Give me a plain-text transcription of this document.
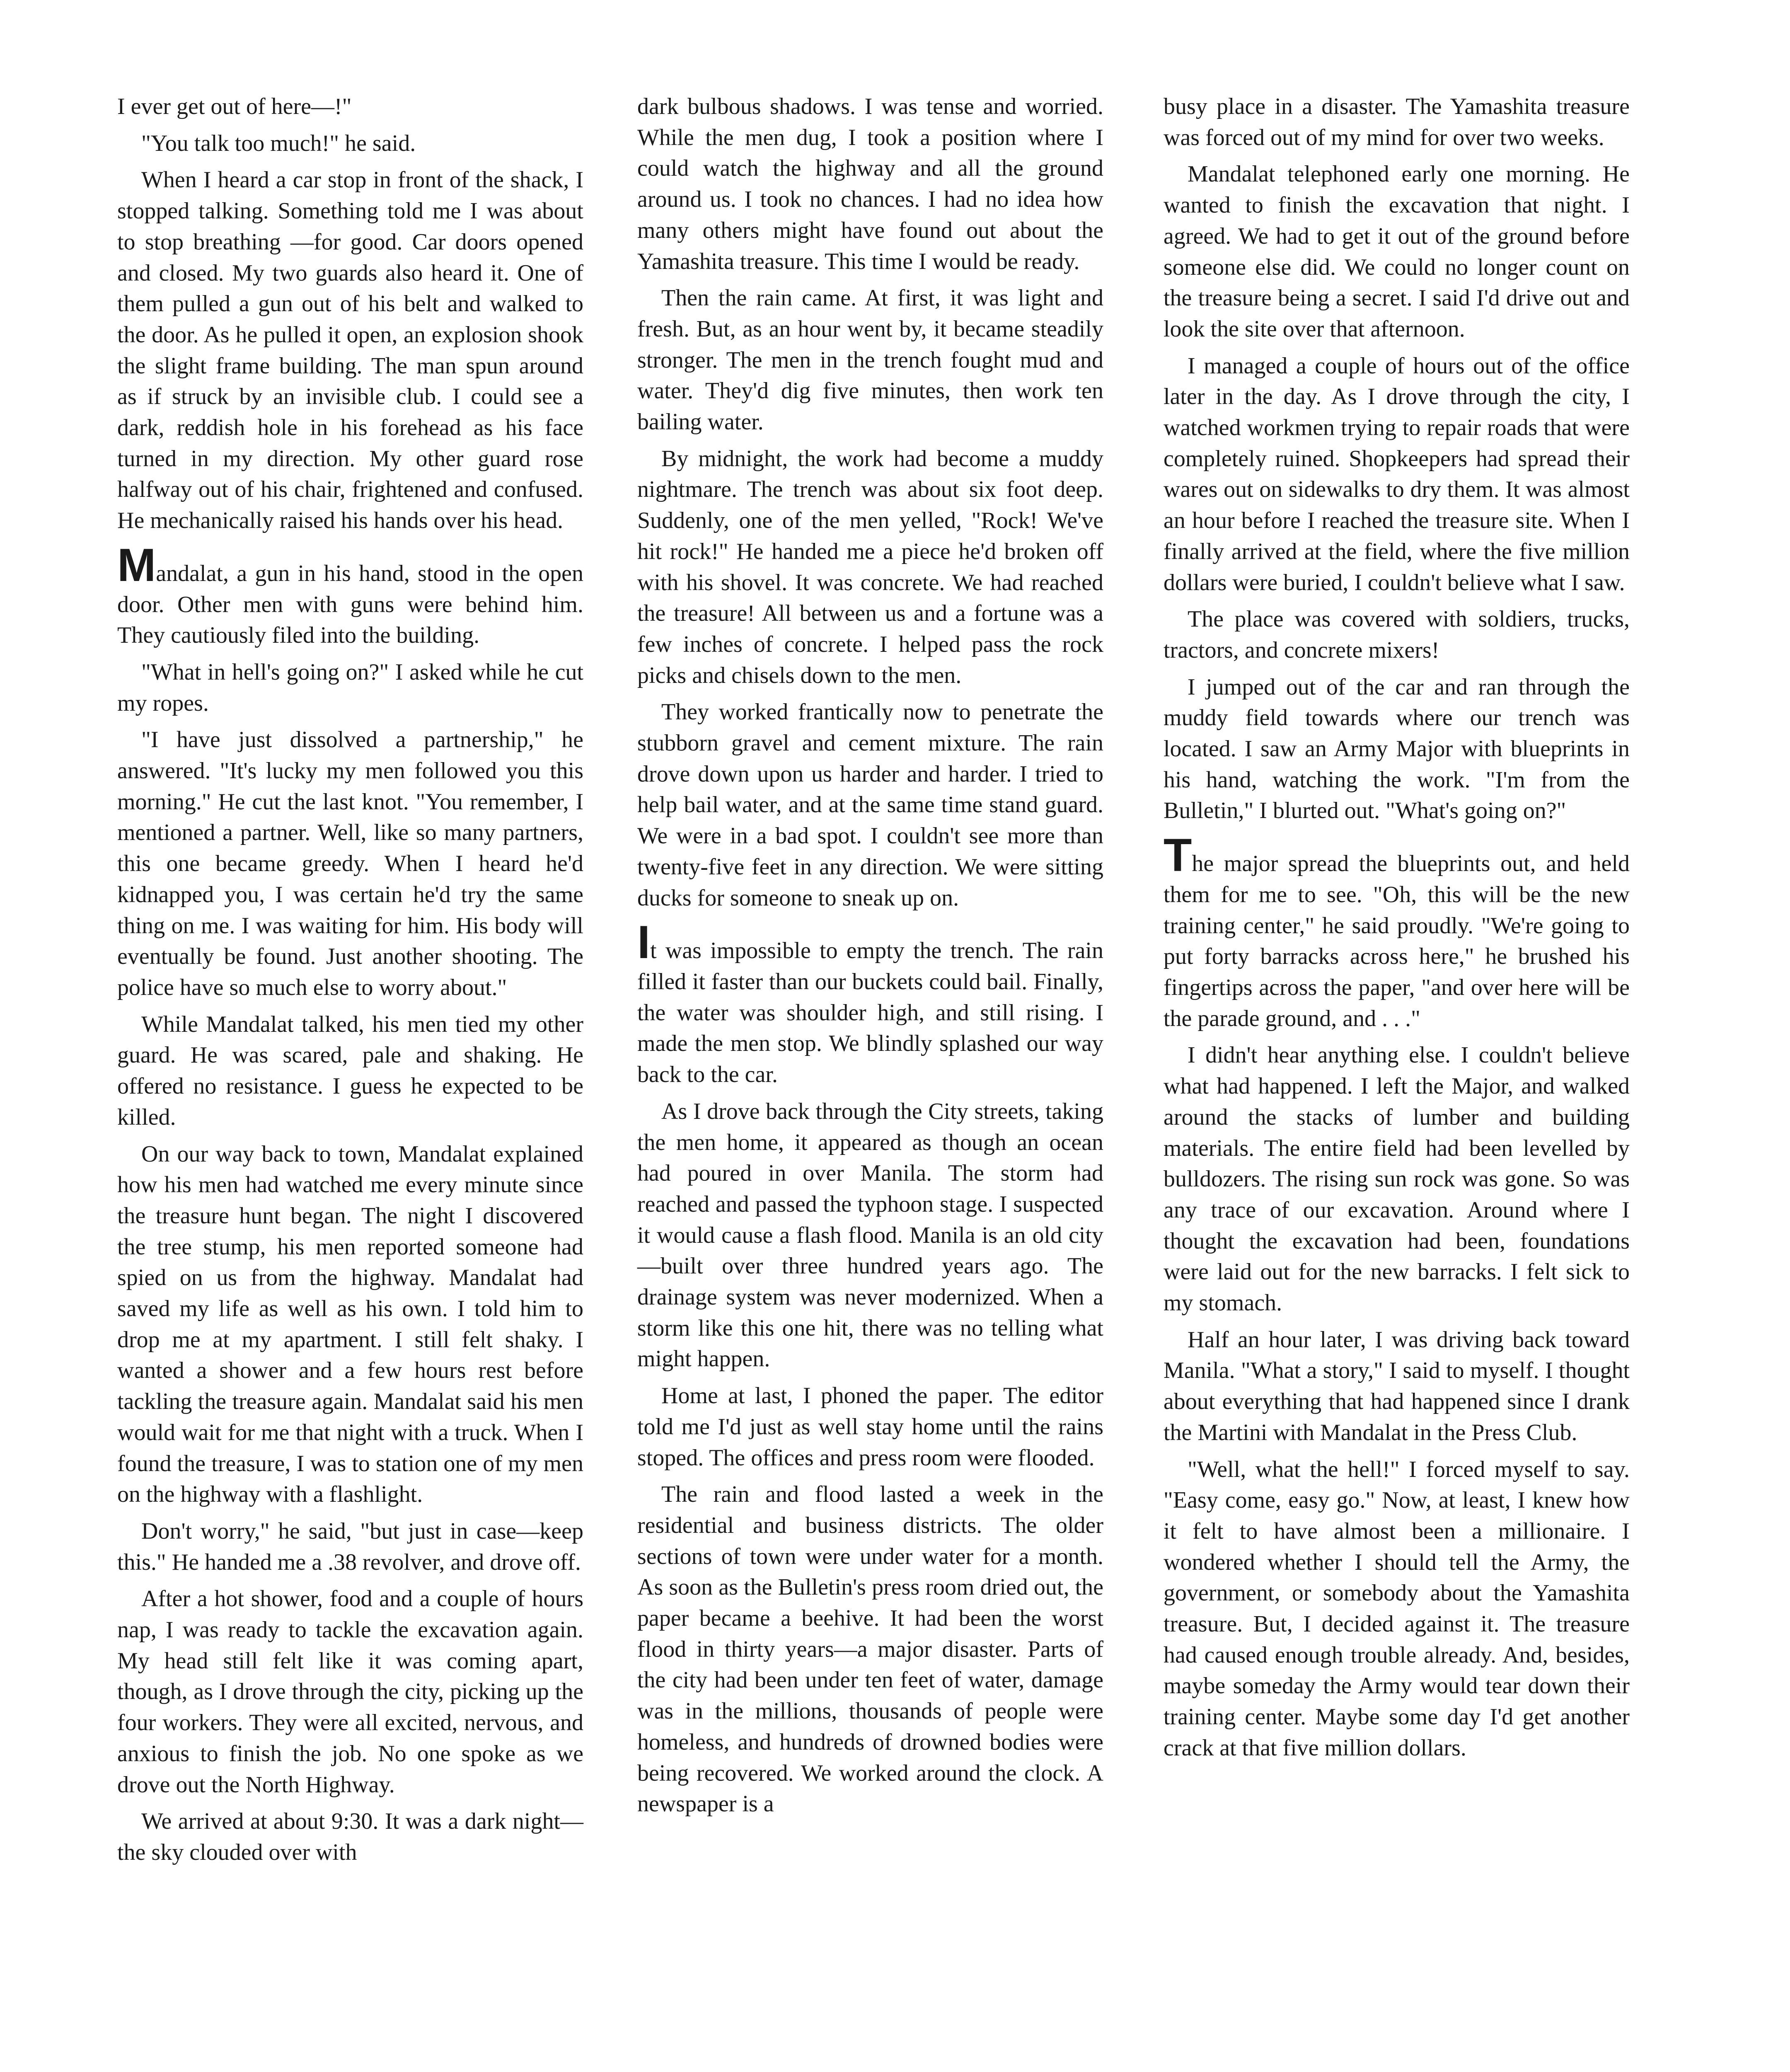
I ever get out of here—!"

"You talk too much!" he said.

When I heard a car stop in front of the shack, I stopped talking. Something told me I was about to stop breathing —for good. Car doors opened and closed. My two guards also heard it. One of them pulled a gun out of his belt and walked to the door. As he pulled it open, an explosion shook the slight frame building. The man spun around as if struck by an invisible club. I could see a dark, reddish hole in his forehead as his face turned in my direction. My other guard rose halfway out of his chair, frightened and confused. He mechanically raised his hands over his head.

Mandalat, a gun in his hand, stood in the open door. Other men with guns were behind him. They cautiously filed into the building.

"What in hell's going on?" I asked while he cut my ropes.

"I have just dissolved a partnership," he answered. "It's lucky my men followed you this morning." He cut the last knot. "You remember, I mentioned a partner. Well, like so many partners, this one became greedy. When I heard he'd kidnapped you, I was certain he'd try the same thing on me. I was waiting for him. His body will eventually be found. Just another shooting. The police have so much else to worry about."

While Mandalat talked, his men tied my other guard. He was scared, pale and shaking. He offered no resistance. I guess he expected to be killed.

On our way back to town, Mandalat explained how his men had watched me every minute since the treasure hunt began. The night I discovered the tree stump, his men reported someone had spied on us from the highway. Mandalat had saved my life as well as his own. I told him to drop me at my apartment. I still felt shaky. I wanted a shower and a few hours rest before tackling the treasure again. Mandalat said his men would wait for me that night with a truck. When I found the treasure, I was to station one of my men on the highway with a flashlight.

Don't worry," he said, "but just in case—keep this." He handed me a .38 revolver, and drove off.

After a hot shower, food and a couple of hours nap, I was ready to tackle the excavation again. My head still felt like it was coming apart, though, as I drove through the city, picking up the four workers. They were all excited, nervous, and anxious to finish the job. No one spoke as we drove out the North Highway.

We arrived at about 9:30. It was a dark night—the sky clouded over with

dark bulbous shadows. I was tense and worried. While the men dug, I took a position where I could watch the highway and all the ground around us. I took no chances. I had no idea how many others might have found out about the Yamashita treasure. This time I would be ready.

Then the rain came. At first, it was light and fresh. But, as an hour went by, it became steadily stronger. The men in the trench fought mud and water. They'd dig five minutes, then work ten bailing water.

By midnight, the work had become a muddy nightmare. The trench was about six foot deep. Suddenly, one of the men yelled, "Rock! We've hit rock!" He handed me a piece he'd broken off with his shovel. It was concrete. We had reached the treasure! All between us and a fortune was a few inches of concrete. I helped pass the rock picks and chisels down to the men.

They worked frantically now to penetrate the stubborn gravel and cement mixture. The rain drove down upon us harder and harder. I tried to help bail water, and at the same time stand guard. We were in a bad spot. I couldn't see more than twenty-five feet in any direction. We were sitting ducks for someone to sneak up on.

It was impossible to empty the trench. The rain filled it faster than our buckets could bail. Finally, the water was shoulder high, and still rising. I made the men stop. We blindly splashed our way back to the car.

As I drove back through the City streets, taking the men home, it appeared as though an ocean had poured in over Manila. The storm had reached and passed the typhoon stage. I suspected it would cause a flash flood. Manila is an old city—built over three hundred years ago. The drainage system was never modernized. When a storm like this one hit, there was no telling what might happen.

Home at last, I phoned the paper. The editor told me I'd just as well stay home until the rains stoped. The offices and press room were flooded.

The rain and flood lasted a week in the residential and business districts. The older sections of town were under water for a month. As soon as the Bulletin's press room dried out, the paper became a beehive. It had been the worst flood in thirty years—a major disaster. Parts of the city had been under ten feet of water, damage was in the millions, thousands of people were homeless, and hundreds of drowned bodies were being recovered. We worked around the clock. A newspaper is a

busy place in a disaster. The Yamashita treasure was forced out of my mind for over two weeks.

Mandalat telephoned early one morning. He wanted to finish the excavation that night. I agreed. We had to get it out of the ground before someone else did. We could no longer count on the treasure being a secret. I said I'd drive out and look the site over that afternoon.

I managed a couple of hours out of the office later in the day. As I drove through the city, I watched workmen trying to repair roads that were completely ruined. Shopkeepers had spread their wares out on sidewalks to dry them. It was almost an hour before I reached the treasure site. When I finally arrived at the field, where the five million dollars were buried, I couldn't believe what I saw.

The place was covered with soldiers, trucks, tractors, and concrete mixers!

I jumped out of the car and ran through the muddy field towards where our trench was located. I saw an Army Major with blueprints in his hand, watching the work. "I'm from the Bulletin," I blurted out. "What's going on?"

The major spread the blueprints out, and held them for me to see. "Oh, this will be the new training center," he said proudly. "We're going to put forty barracks across here," he brushed his fingertips across the paper, "and over here will be the parade ground, and . . ."

I didn't hear anything else. I couldn't believe what had happened. I left the Major, and walked around the stacks of lumber and building materials. The entire field had been levelled by bulldozers. The rising sun rock was gone. So was any trace of our excavation. Around where I thought the excavation had been, foundations were laid out for the new barracks. I felt sick to my stomach.

Half an hour later, I was driving back toward Manila. "What a story," I said to myself. I thought about everything that had happened since I drank the Martini with Mandalat in the Press Club.

"Well, what the hell!" I forced myself to say. "Easy come, easy go." Now, at least, I knew how it felt to have almost been a millionaire. I wondered whether I should tell the Army, the government, or somebody about the Yamashita treasure. But, I decided against it. The treasure had caused enough trouble already. And, besides, maybe someday the Army would tear down their training center. Maybe some day I'd get another crack at that five million dollars.
